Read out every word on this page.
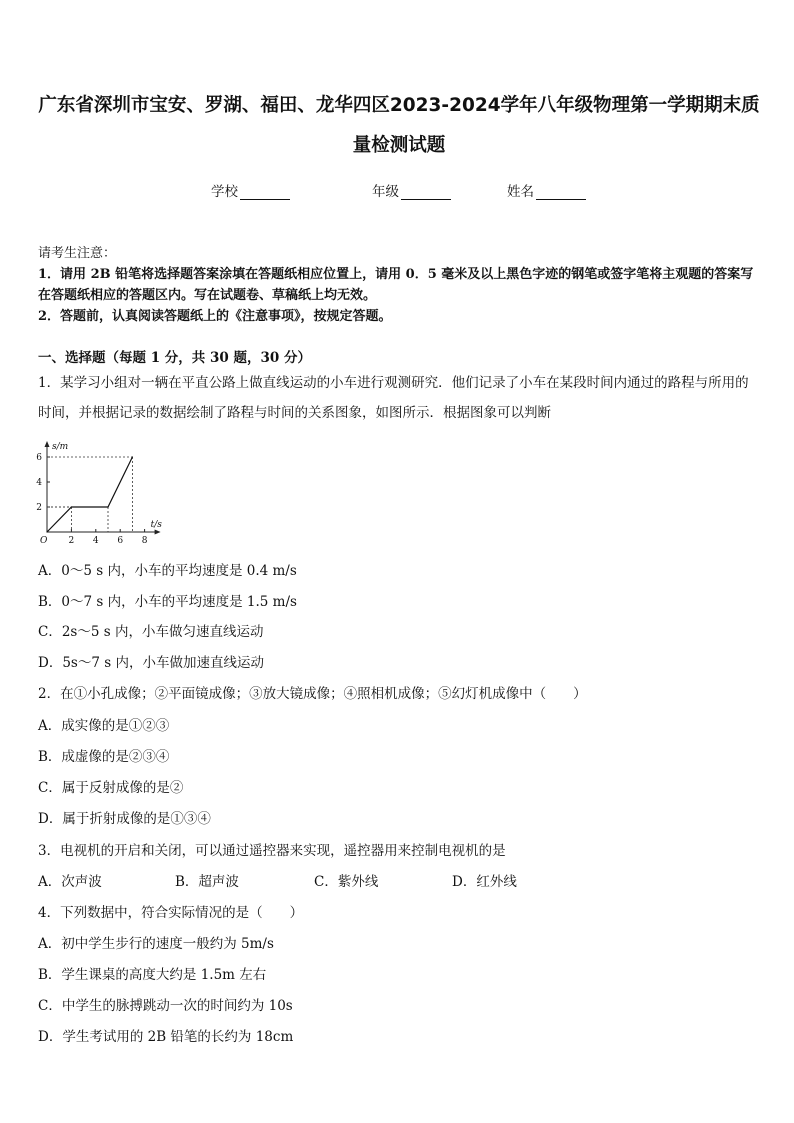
广东省深圳市宝安、罗湖、福田、龙华四区2023-2024学年八年级物理第一学期期末质量检测试题
学校	年级	姓名
请考生注意：
1．请用 2B 铅笔将选择题答案涂填在答题纸相应位置上，请用 0．5 毫米及以上黑色字迹的钢笔或签字笔将主观题的答案写在答题纸相应的答题区内。写在试题卷、草稿纸上均无效。
2．答题前，认真阅读答题纸上的《注意事项》，按规定答题。
一、选择题（每题 1 分，共 30 题，30 分）
1．某学习小组对一辆在平直公路上做直线运动的小车进行观测研究．他们记录了小车在某段时间内通过的路程与所用的时间，并根据记录的数据绘制了路程与时间的关系图象，如图所示．根据图象可以判断
2 4 6 8
2
4
6
t/s
s/m
O
A．0～5 s 内，小车的平均速度是 0.4 m/s
B．0～7 s 内，小车的平均速度是 1.5 m/s
C．2s～5 s 内，小车做匀速直线运动
D．5s～7 s 内，小车做加速直线运动
2．在①小孔成像；②平面镜成像；③放大镜成像；④照相机成像；⑤幻灯机成像中（　　）
A．成实像的是①②③
B．成虚像的是②③④
C．属于反射成像的是②
D．属于折射成像的是①③④
3．电视机的开启和关闭，可以通过遥控器来实现，遥控器用来控制电视机的是
A．次声波	B．超声波	C．紫外线	D．红外线
4．下列数据中，符合实际情况的是（　　）
A．初中学生步行的速度一般约为 5m/s
B．学生课桌的高度大约是 1.5m 左右
C．中学生的脉搏跳动一次的时间约为 10s
D．学生考试用的 2B 铅笔的长约为 18cm
